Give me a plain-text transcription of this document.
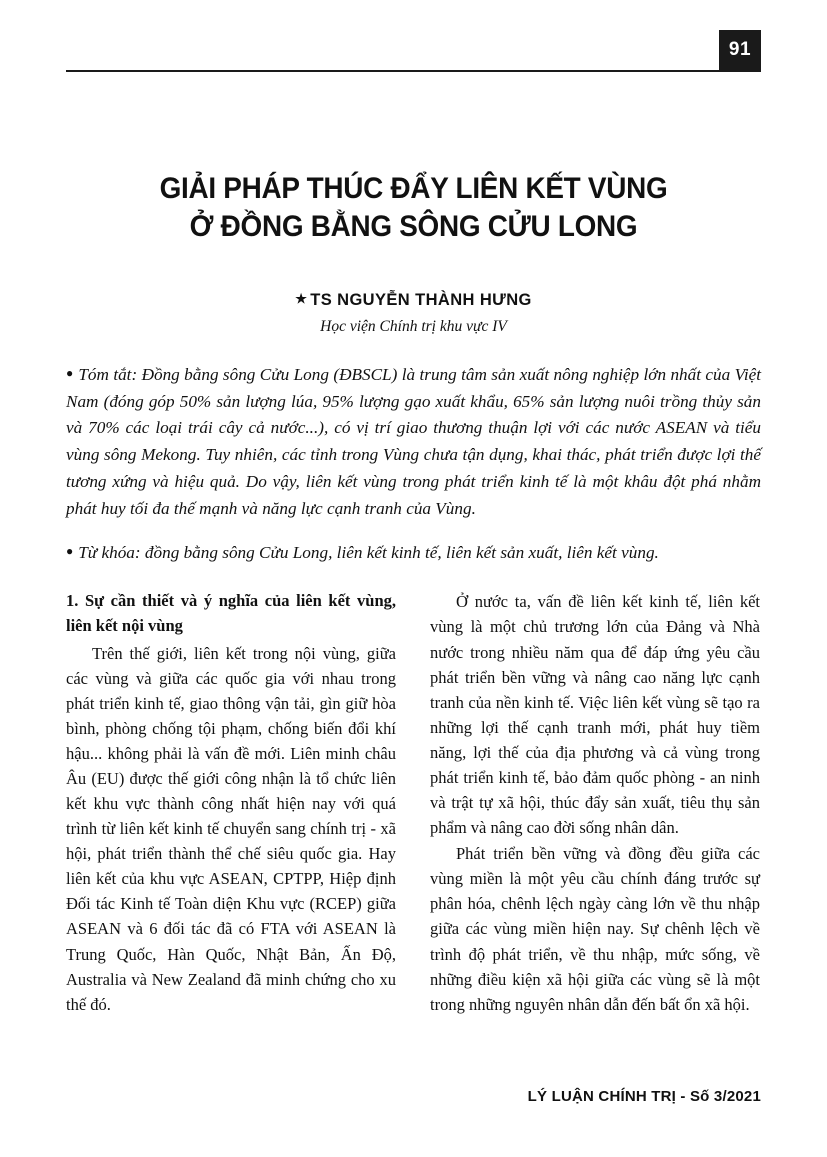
91
GIẢI PHÁP THÚC ĐẨY LIÊN KẾT VÙNG
Ở ĐỒNG BẰNG SÔNG CỬU LONG
★ TS NGUYỄN THÀNH HƯNG
Học viện Chính trị khu vực IV
● Tóm tắt: Đồng bằng sông Cửu Long (ĐBSCL) là trung tâm sản xuất nông nghiệp lớn nhất của Việt Nam (đóng góp 50% sản lượng lúa, 95% lượng gạo xuất khẩu, 65% sản lượng nuôi trồng thủy sản và 70% các loại trái cây cả nước...), có vị trí giao thương thuận lợi với các nước ASEAN và tiểu vùng sông Mekong. Tuy nhiên, các tỉnh trong Vùng chưa tận dụng, khai thác, phát triển được lợi thế tương xứng và hiệu quả. Do vậy, liên kết vùng trong phát triển kinh tế là một khâu đột phá nhằm phát huy tối đa thế mạnh và năng lực cạnh tranh của Vùng.
● Từ khóa: đồng bằng sông Cửu Long, liên kết kinh tế, liên kết sản xuất, liên kết vùng.
1. Sự cần thiết và ý nghĩa của liên kết vùng, liên kết nội vùng
Trên thế giới, liên kết trong nội vùng, giữa các vùng và giữa các quốc gia với nhau trong phát triển kinh tế, giao thông vận tải, gìn giữ hòa bình, phòng chống tội phạm, chống biến đổi khí hậu... không phải là vấn đề mới. Liên minh châu Âu (EU) được thế giới công nhận là tổ chức liên kết khu vực thành công nhất hiện nay với quá trình từ liên kết kinh tế chuyển sang chính trị - xã hội, phát triển thành thể chế siêu quốc gia. Hay liên kết của khu vực ASEAN, CPTPP, Hiệp định Đối tác Kinh tế Toàn diện Khu vực (RCEP) giữa ASEAN và 6 đối tác đã có FTA với ASEAN là Trung Quốc, Hàn Quốc, Nhật Bản, Ấn Độ, Australia và New Zealand đã minh chứng cho xu thế đó.
Ở nước ta, vấn đề liên kết kinh tế, liên kết vùng là một chủ trương lớn của Đảng và Nhà nước trong nhiều năm qua để đáp ứng yêu cầu phát triển bền vững và nâng cao năng lực cạnh tranh của nền kinh tế. Việc liên kết vùng sẽ tạo ra những lợi thế cạnh tranh mới, phát huy tiềm năng, lợi thế của địa phương và cả vùng trong phát triển kinh tế, bảo đảm quốc phòng - an ninh và trật tự xã hội, thúc đẩy sản xuất, tiêu thụ sản phẩm và nâng cao đời sống nhân dân.
Phát triển bền vững và đồng đều giữa các vùng miền là một yêu cầu chính đáng trước sự phân hóa, chênh lệch ngày càng lớn về thu nhập giữa các vùng miền hiện nay. Sự chênh lệch về trình độ phát triển, về thu nhập, mức sống, về những điều kiện xã hội giữa các vùng sẽ là một trong những nguyên nhân dẫn đến bất ổn xã hội.
LÝ LUẬN CHÍNH TRỊ - Số 3/2021
